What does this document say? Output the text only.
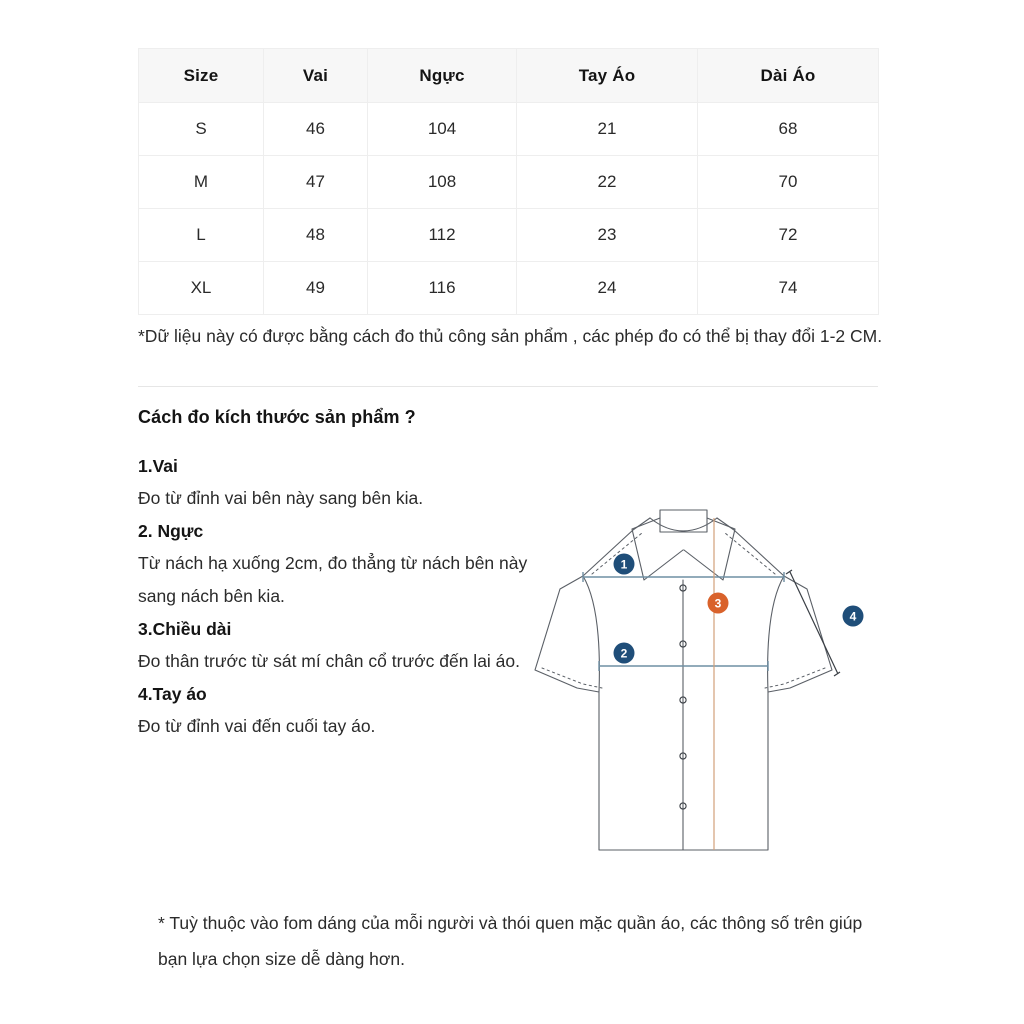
Size	Vai	Ngực	Tay Áo	Dài Áo
S	46	104	21	68
M	47	108	22	70
L	48	112	23	72
XL	49	116	24	74
*Dữ liệu này có được bằng cách đo thủ công sản phẩm , các phép đo có thể bị thay đổi 1-2 CM.
Cách đo kích thước sản phẩm ?
1.Vai
Đo từ đỉnh vai bên này sang bên kia.
2. Ngực
Từ nách hạ xuống 2cm, đo thẳng từ nách bên này sang nách bên kia.
3.Chiều dài
Đo thân trước từ sát mí chân cổ trước đến lai áo.
4.Tay áo
Đo từ đỉnh vai đến cuối tay áo.
1
2
3
4
* Tuỳ thuộc vào fom dáng của mỗi người và thói quen mặc quần áo, các thông số trên giúp bạn lựa chọn size dễ dàng hơn.
